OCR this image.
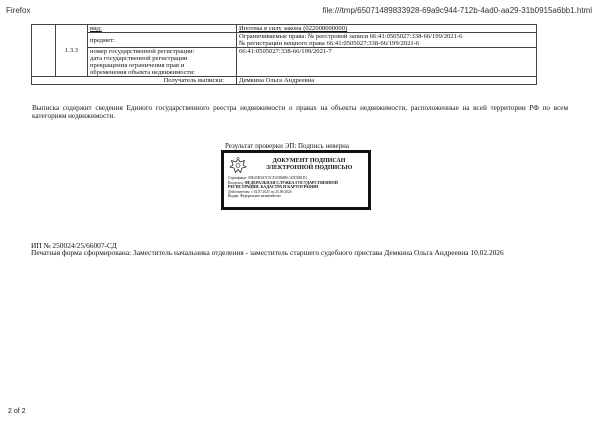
Firefox	file:///tmp/65071489833928-69a9c944-712b-4ad0-aa29-31b0915a6bb1.html
	1.3.3	вид:	Ипотека в силу закона (022008000000)
		предмет:	Ограничиваемые права: № реестровой записи 66:41:0505027:338-66/199/2021-6
№ регистрации вещного права 66:41:0505027:338-66/199/2021-6

		номер государственной регистрации:
дата государственной регистрации
прекращения ограничения прав и
обременения объекта недвижимости:	66:41:0505027:338-66/199/2021-7
Получатель выписки:			Демкина Ольга Андреевна
Выписка содержит сведения Единого государственного реестра недвижимости о правах на объекты недвижимости, расположенные на всей территории РФ по всем категориям недвижимости.
Результат проверки ЭП: Подпись неверна
ДОКУМЕНТ ПОДПИСАН
ЭЛЕКТРОННОЙ ПОДПИСЬЮ
Сертификат: 00E43B3A7C5CE2CB68ECA5D5B1D1
Владелец: ФЕДЕРАЛЬНАЯ СЛУЖБА ГОСУДАРСТВЕННОЙ
РЕГИСТРАЦИИ, КАДАСТРА И КАРТОГРАФИИ
Действителен: с 02.07.2025 по 25.09.2026
Выдан: Федеральное казначейство
ИП № 250024/25/66007-СД
Печатная форма сформирована: Заместитель начальника отделения - заместитель старшего судебного пристава Демкина Ольга Андреевна 10.02.2026
2 of 2
